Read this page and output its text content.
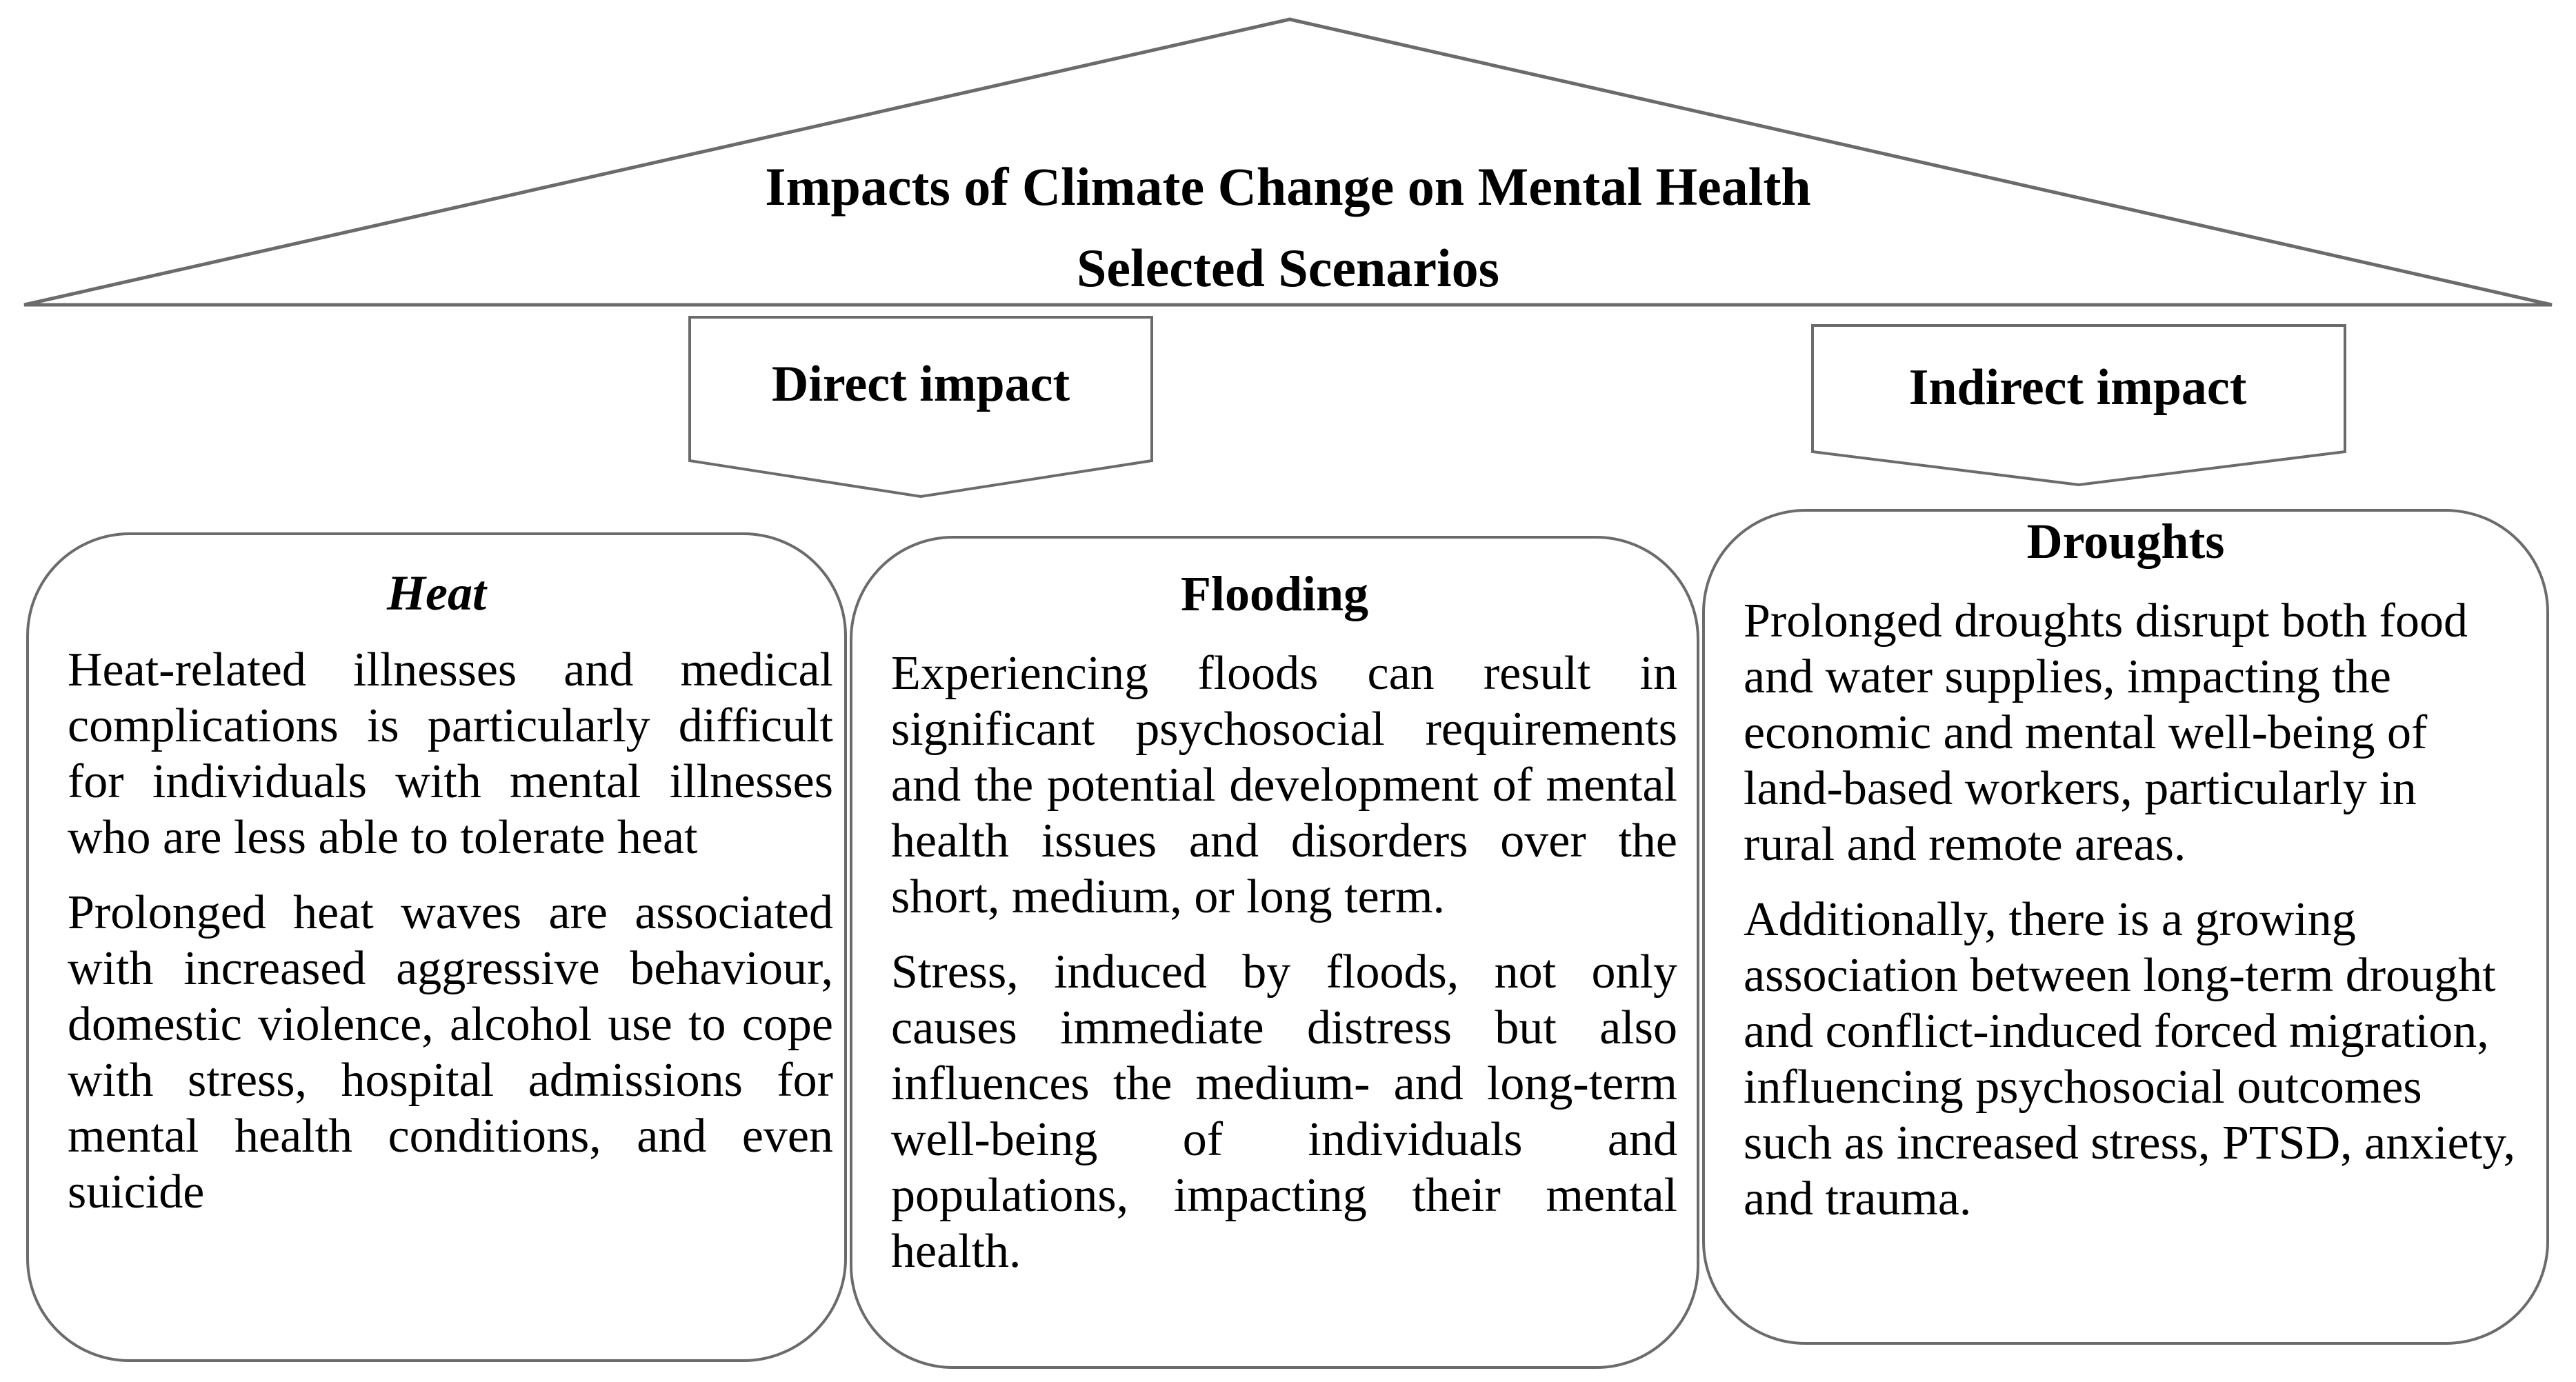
Impacts of Climate Change on Mental Health
Selected Scenarios
Direct impact	Indirect impact
Heat

Heat-related illnesses and medical complications is particularly difficult for individuals with mental illnesses who are less able to tolerate heat

Prolonged heat waves are associated with increased aggressive behaviour, domestic violence, alcohol use to cope with stress, hospital admissions for mental health conditions, and even suicide

Flooding

Experiencing floods can result in significant psychosocial requirements and the potential development of mental health issues and disorders over the short, medium, or long term.

Stress, induced by floods, not only causes immediate distress but also influences the medium- and long-term well-being of individuals and populations, impacting their mental health.

Droughts

Prolonged droughts disrupt both food and water supplies, impacting the economic and mental well-being of land-based workers, particularly in rural and remote areas.

Additionally, there is a growing association between long-term drought and conflict-induced forced migration, influencing psychosocial outcomes such as increased stress, PTSD, anxiety, and trauma.
